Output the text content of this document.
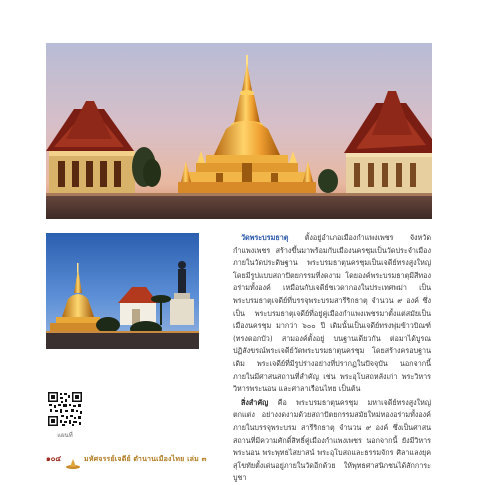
วัดพระบรมธาตุ ตั้งอยู่อำเภอเมืองกำแพงเพชร จังหวัดกำแพงเพชร สร้างขึ้นมาพร้อมกับเมืองนครชุมเป็นวัดประจำเมือง ภายในวัดประดิษฐาน พระบรมธาตุนครชุมเป็นเจดีย์ทรงสูงใหญ่ โดยมีรูปแบบสถาปัตยกรรมที่งดงาม โดยองค์พระบรมธาตุมีสีทองอร่ามทั้งองค์ เหมือนกับเจดีย์ชเวดากองในประเทศพม่า เป็นพระบรมธาตุเจดีย์ที่บรรจุพระบรมสารีริกธาตุ จำนวน ๙ องค์ ซึ่งเป็น พระบรมธาตุเจดีย์ที่อยู่คู่เมืองกำแพงเพชรมาตั้งแต่สมัยเป็นเมืองนครชุม มากว่า ๖๐๐ ปี เดิมนั้นเป็นเจดีย์ทรงพุ่มข้าวบิณฑ์ (ทรงดอกบัว) สามองค์ตั้งอยู่ บนฐานเดียวกัน ต่อมาได้บูรณปฏิสังขรณ์พระเจดีย์วัดพระบรมธาตุนครชุม โดยสร้างครอบฐานเดิม พระเจดีย์ที่มีรูปร่างอย่างที่ปรากฏในปัจจุบัน นอกจากนี้ ภายในมีศาสนสถานที่สำคัญ เช่น พระอุโบสถหลังเก่า พระวิหาร วิหารพระนอน และศาลาเรือนไทย เป็นต้น

สิ่งสำคัญ คือ พระบรมธาตุนครชุม มหาเจดีย์ทรงสูงใหญ่ ตกแต่ง อย่างงดงามด้วยสถาปัตยกรรมสมัยใหม่ทองอร่ามทั้งองค์ภายในบรรจุพระบรม สารีริกธาตุ จำนวน ๙ องค์ ซึ่งเป็นศาสนสถานที่มีความศักดิ์สิทธิ์คู่เมืองกำแพงเพชร นอกจากนี้ ยังมีวิหารพระนอน พระพุทธไสยาสน์ พระอุโบสถและธรรมจักร ศิลาแลงยุคสุโขทัยตั้งเด่นอยู่ภายในวัดอีกด้วย ให้พุทธศาสนิกชนได้สักการะบูชา

แผนที่
๑๐๔	มหัศจรรย์เจดีย์ ตำนานเมืองไทย เล่ม ๓
